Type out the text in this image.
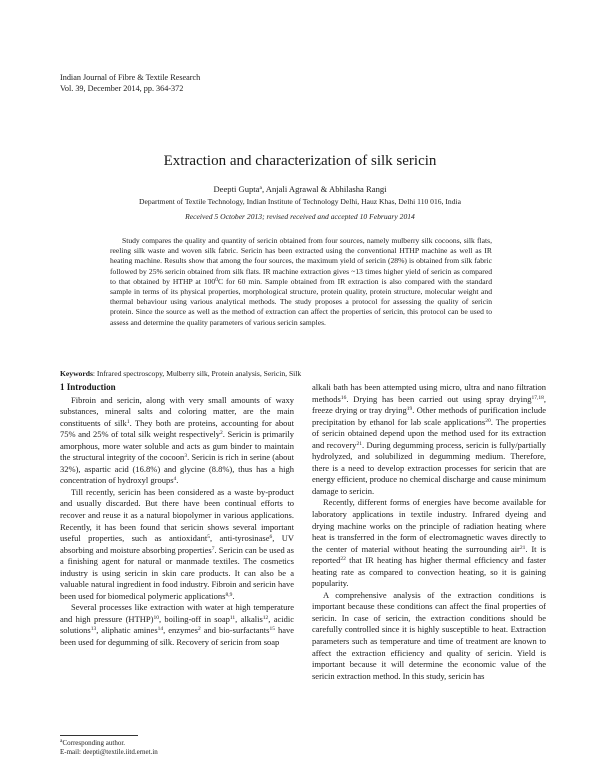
Indian Journal of Fibre & Textile Research
Vol. 39, December 2014, pp. 364-372
Extraction and characterization of silk sericin
Deepti Gupta$^a$, Anjali Agrawal & Abhilasha Rangi
Department of Textile Technology, Indian Institute of Technology Delhi, Hauz Khas, Delhi 110 016, India
Received 5 October 2013; revised received and accepted 10 February 2014
Study compares the quality and quantity of sericin obtained from four sources, namely mulberry silk cocoons, silk flats, reeling silk waste and woven silk fabric. Sericin has been extracted using the conventional HTHP machine as well as IR heating machine. Results show that among the four sources, the maximum yield of sericin (28%) is obtained from silk fabric followed by 25% sericin obtained from silk flats. IR machine extraction gives ~13 times higher yield of sericin as compared to that obtained by HTHP at $100^0C$ for 60 min. Sample obtained from IR extraction is also compared with the standard sample in terms of its physical properties, morphological structure, protein quality, protein structure, molecular weight and thermal behaviour using various analytical methods. The study proposes a protocol for assessing the quality of sericin protein. Since the source as well as the method of extraction can affect the properties of sericin, this protocol can be used to assess and determine the quality parameters of various sericin samples.
Keywords: Infrared spectroscopy, Mulberry silk, Protein analysis, Sericin, Silk
1 Introduction

Fibroin and sericin, along with very small amounts of waxy substances, mineral salts and coloring matter, are the main constituents of silk$^1$. They both are proteins, accounting for about 75% and 25% of total silk weight respectively$^2$. Sericin is primarily amorphous, more water soluble and acts as gum binder to maintain the structural integrity of the cocoon$^3$. Sericin is rich in serine (about 32%), aspartic acid (16.8%) and glycine (8.8%), thus has a high concentration of hydroxyl groups$^4$.

Till recently, sericin has been considered as a waste by-product and usually discarded. But there have been continual efforts to recover and reuse it as a natural biopolymer in various applications. Recently, it has been found that sericin shows several important useful properties, such as antioxidant$^5$, anti-tyrosinase$^6$, UV absorbing and moisture absorbing properties$^7$. Sericin can be used as a finishing agent for natural or manmade textiles. The cosmetics industry is using sericin in skin care products. It can also be a valuable natural ingredient in food industry. Fibroin and sericin have been used for biomedical polymeric applications$^{8,9}$.

Several processes like extraction with water at high temperature and high pressure (HTHP)$^{10}$, boiling-off in soap$^{11}$, alkalis$^{12}$, acidic solutions$^{13}$, aliphatic amines$^{14}$, enzymes$^2$ and bio-surfactants$^{15}$ have been used for degumming of silk. Recovery of sericin from soap

alkali bath has been attempted using micro, ultra and nano filtration methods$^{16}$. Drying has been carried out using spray drying$^{17,18}$, freeze drying or tray drying$^{19}$. Other methods of purification include precipitation by ethanol for lab scale applications$^{20}$. The properties of sericin obtained depend upon the method used for its extraction and recovery$^{21}$. During degumming process, sericin is fully/partially hydrolyzed, and solubilized in degumming medium. Therefore, there is a need to develop extraction processes for sericin that are energy efficient, produce no chemical discharge and cause minimum damage to sericin.

Recently, different forms of energies have become available for laboratory applications in textile industry. Infrared dyeing and drying machine works on the principle of radiation heating where heat is transferred in the form of electromagnetic waves directly to the center of material without heating the surrounding air$^{21}$. It is reported$^{22}$ that IR heating has higher thermal efficiency and faster heating rate as compared to convection heating, so it is gaining popularity.

A comprehensive analysis of the extraction conditions is important because these conditions can affect the final properties of sericin. In case of sericin, the extraction conditions should be carefully controlled since it is highly susceptible to heat. Extraction parameters such as temperature and time of treatment are known to affect the extraction efficiency and quality of sericin. Yield is important because it will determine the economic value of the sericin extraction method. In this study, sericin has

$^a$Corresponding author.
E-mail: deepti@textile.iitd.ernet.in
